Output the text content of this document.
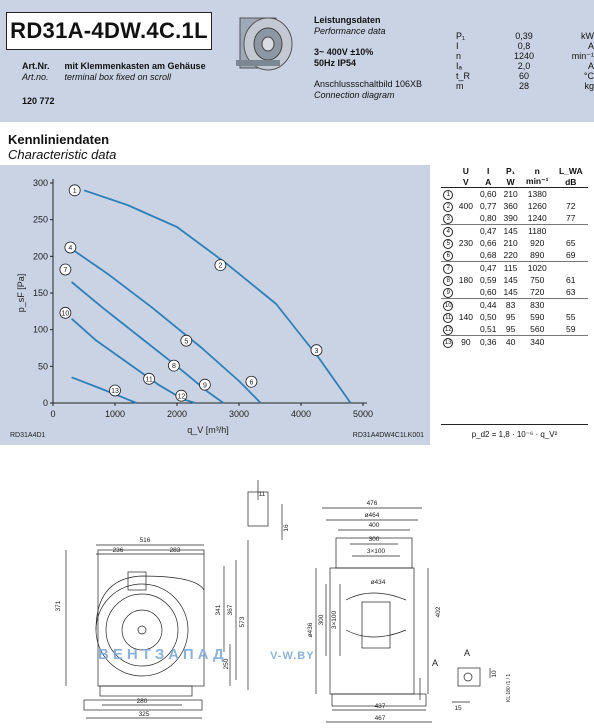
RD31A-4DW.4C.1L
Art.Nr. mit Klemmenkasten am Gehäuse
Art.no. terminal box fixed on scroll
120 772
Leistungsdaten
Performance data
3~ 400V ±10%
50Hz IP54
Anschlussschaltbild 106XB
Connection diagram
P₁	0,39	kW
I	0,8	A
n	1240	min⁻¹
Iₐ	2,0	A
t_R	60	°C
m	28	kg
Kennliniendaten
Characteristic data
0	1000	2000	3000	4000	5000
0
50
100
150
200
250
300
1
2
3
4
5
6
7
8
9
10
11
12
13
p_sF [Pa]
q_V [m³/h]
RD31A4D1	RD31A4DW4C1LK001
	U	I	P₁	n	L_WA
	V	A	W	min⁻¹	dB
1		0,60	210	1380	
2	400	0,77	360	1260	72
3		0,80	390	1240	77
4		0,47	145	1180	
5	230	0,66	210	920	65
6		0,68	220	890	69
7		0,47	115	1020	
8	180	0,59	145	750	61
9		0,60	145	720	63
10		0,44	83	830	
11	140	0,50	95	590	55
12		0,51	95	560	59
13	90	0,36	40	340	
p_d2 = 1,8 · 10⁻⁶ · q_V²
516
236	283
371	341 367
573
250
280
325
11
16
476
ø464
400
300
3×100
ø434
ø436
300 3×100	402
437
467
10
15
A
A
KL 180 /1 / 1
ВЕНТЗАПАД	V-W.BY
